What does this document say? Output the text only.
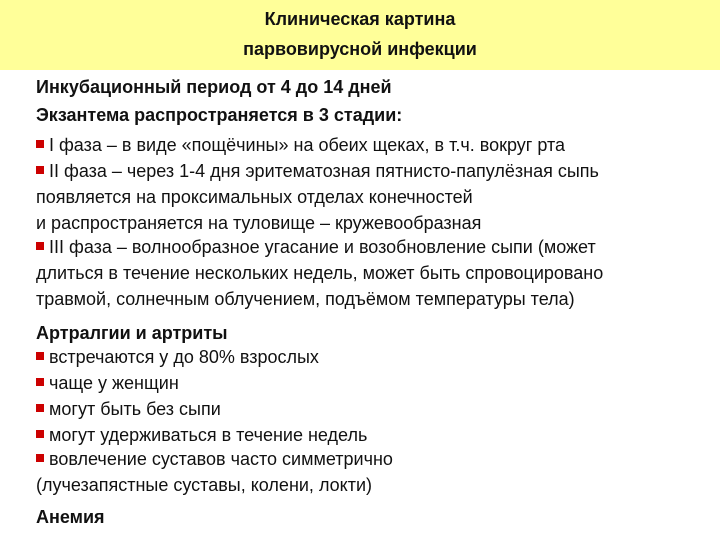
Клиническая картина
парвовирусной инфекции
Инкубационный период от 4 до 14 дней
Экзантема распространяется в 3 стадии:
I фаза – в виде «пощёчины» на обеих щеках, в т.ч. вокруг рта
II фаза – через 1-4 дня эритематозная пятнисто-папулёзная сыпь
появляется на проксимальных отделах конечностей
и распространяется на туловище – кружевообразная
III фаза – волнообразное угасание и возобновление сыпи (может
длиться в течение нескольких недель, может быть спровоцировано
травмой, солнечным облучением, подъёмом температуры тела)
Артралгии и артриты
встречаются у до 80% взрослых
чаще у женщин
могут быть без сыпи
могут удерживаться в течение недель
вовлечение суставов часто симметрично
(лучезапястные суставы, колени, локти)
Анемия
